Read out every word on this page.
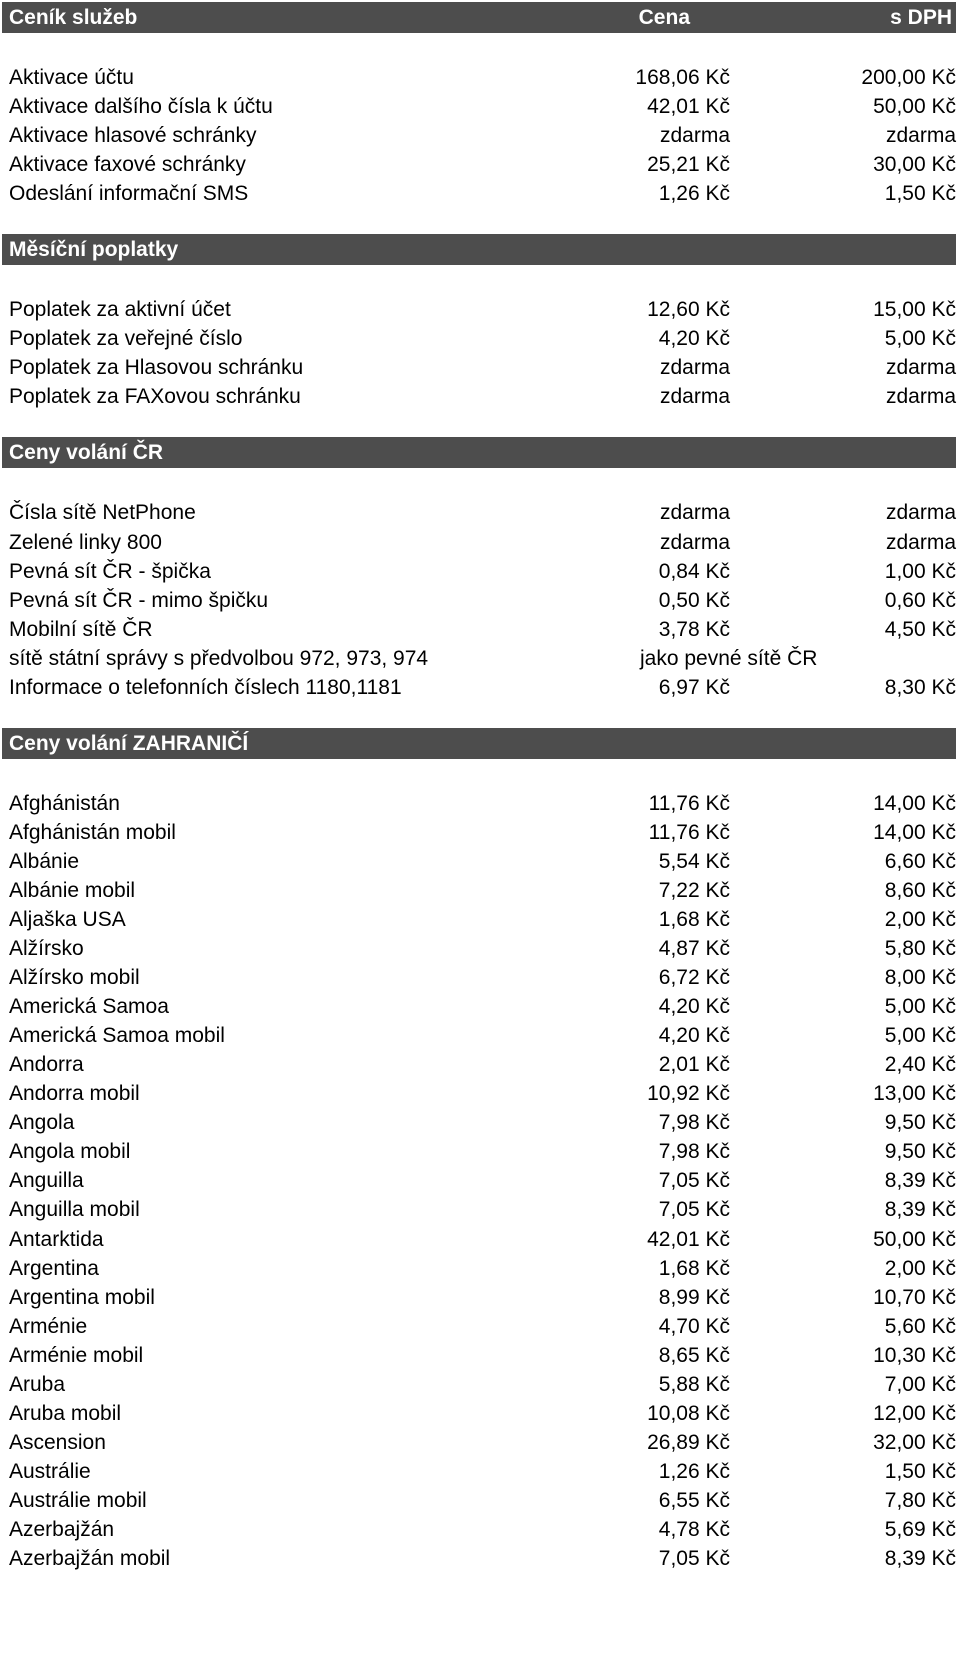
Ceník služeb	Cena	s DPH
Aktivace účtu	168,06 Kč	200,00 Kč
Aktivace dalšího čísla k účtu	42,01 Kč	50,00 Kč
Aktivace hlasové schránky	zdarma	zdarma
Aktivace faxové schránky	25,21 Kč	30,00 Kč
Odeslání informační SMS	1,26 Kč	1,50 Kč
Měsíční poplatky
Poplatek za aktivní účet	12,60 Kč	15,00 Kč
Poplatek za veřejné číslo	4,20 Kč	5,00 Kč
Poplatek za Hlasovou schránku	zdarma	zdarma
Poplatek za FAXovou schránku	zdarma	zdarma
Ceny volání ČR
Čísla sítě NetPhone	zdarma	zdarma
Zelené linky 800	zdarma	zdarma
Pevná sít ČR - špička	0,84 Kč	1,00 Kč
Pevná sít ČR - mimo špičku	0,50 Kč	0,60 Kč
Mobilní sítě ČR	3,78 Kč	4,50 Kč
sítě státní správy s předvolbou 972, 973, 974	jako pevné sítě ČR
Informace o telefonních číslech 1180,1181	6,97 Kč	8,30 Kč
Ceny volání ZAHRANIČÍ
Afghánistán	11,76 Kč	14,00 Kč
Afghánistán mobil	11,76 Kč	14,00 Kč
Albánie	5,54 Kč	6,60 Kč
Albánie mobil	7,22 Kč	8,60 Kč
Aljaška USA	1,68 Kč	2,00 Kč
Alžírsko	4,87 Kč	5,80 Kč
Alžírsko mobil	6,72 Kč	8,00 Kč
Americká Samoa	4,20 Kč	5,00 Kč
Americká Samoa mobil	4,20 Kč	5,00 Kč
Andorra	2,01 Kč	2,40 Kč
Andorra mobil	10,92 Kč	13,00 Kč
Angola	7,98 Kč	9,50 Kč
Angola mobil	7,98 Kč	9,50 Kč
Anguilla	7,05 Kč	8,39 Kč
Anguilla mobil	7,05 Kč	8,39 Kč
Antarktida	42,01 Kč	50,00 Kč
Argentina	1,68 Kč	2,00 Kč
Argentina mobil	8,99 Kč	10,70 Kč
Arménie	4,70 Kč	5,60 Kč
Arménie mobil	8,65 Kč	10,30 Kč
Aruba	5,88 Kč	7,00 Kč
Aruba mobil	10,08 Kč	12,00 Kč
Ascension	26,89 Kč	32,00 Kč
Austrálie	1,26 Kč	1,50 Kč
Austrálie mobil	6,55 Kč	7,80 Kč
Azerbajžán	4,78 Kč	5,69 Kč
Azerbajžán mobil	7,05 Kč	8,39 Kč
